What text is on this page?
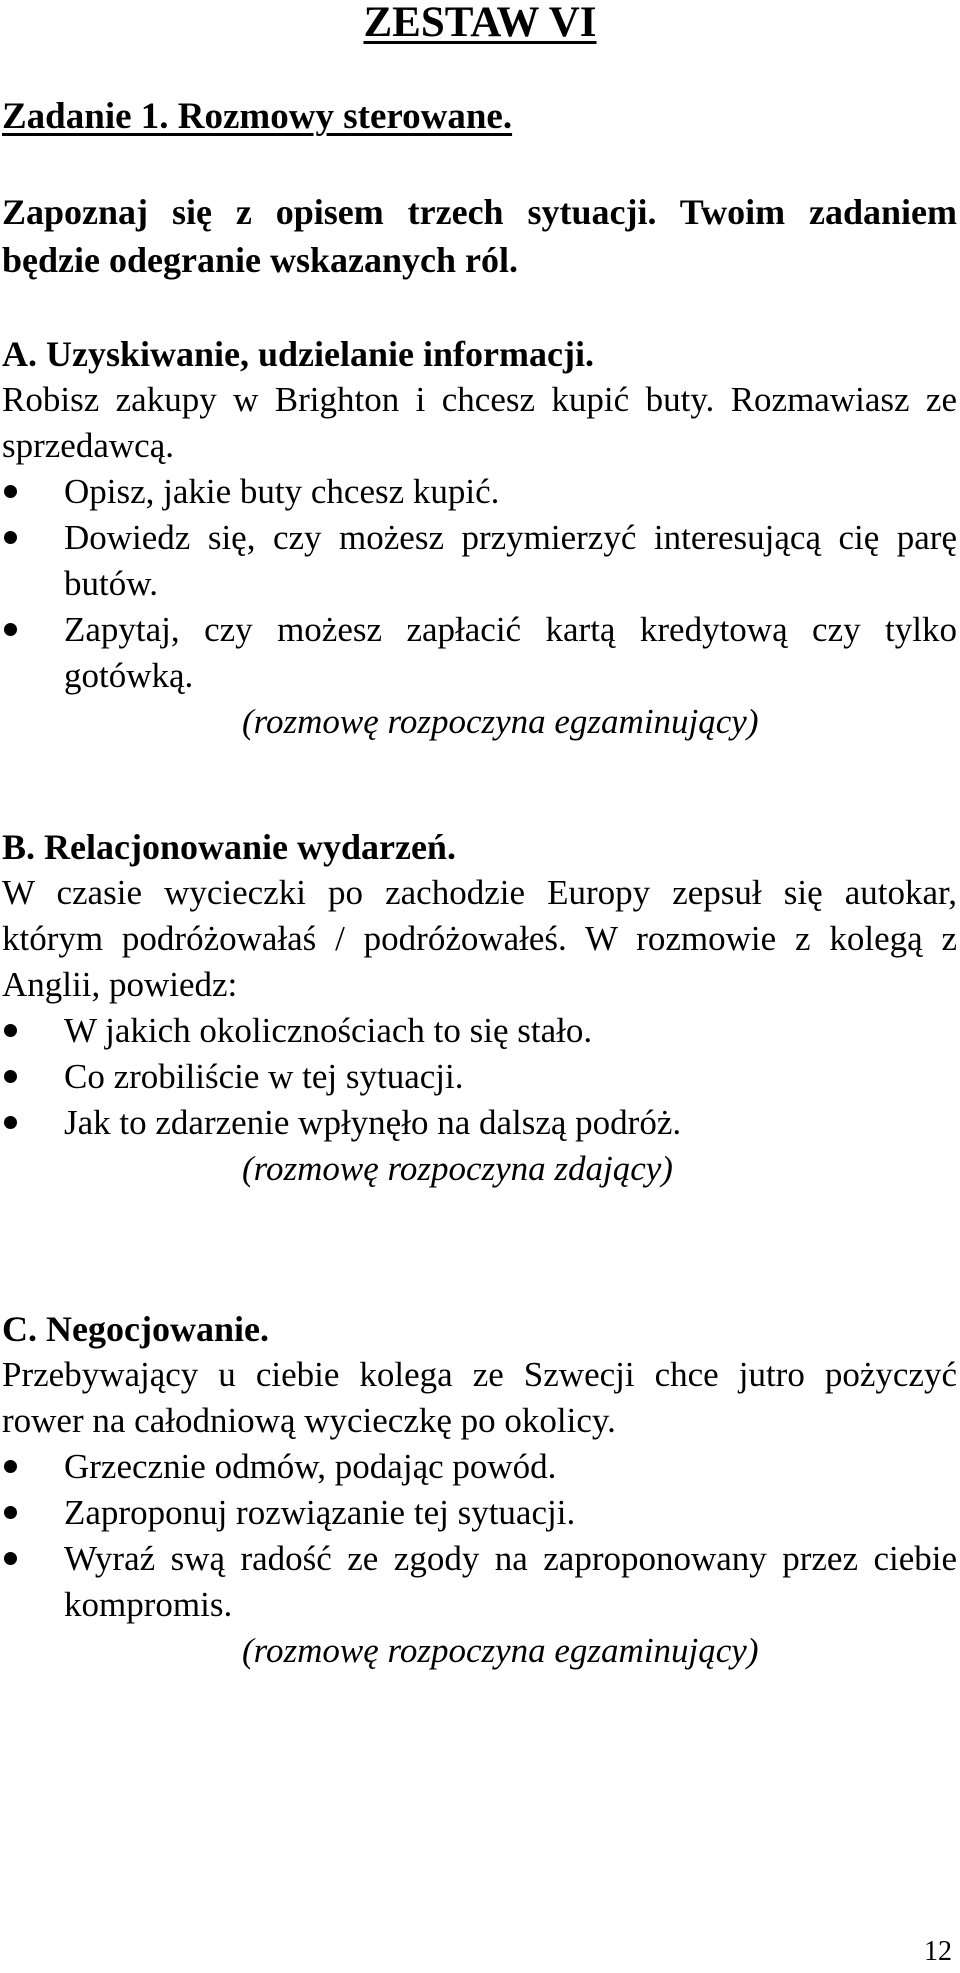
ZESTAW VI
Zadanie 1. Rozmowy sterowane.
Zapoznaj się z opisem trzech sytuacji. Twoim zadaniem będzie odegranie wskazanych ról.
A. Uzyskiwanie, udzielanie informacji.
Robisz zakupy w Brighton i chcesz kupić buty. Rozmawiasz ze sprzedawcą.
Opisz, jakie buty chcesz kupić.
Dowiedz się, czy możesz przymierzyć interesującą cię parę butów.
Zapytaj, czy możesz zapłacić kartą kredytową czy tylko gotówką.
(rozmowę rozpoczyna egzaminujący)
B. Relacjonowanie wydarzeń.
W czasie wycieczki po zachodzie Europy zepsuł się autokar, którym podróżowałaś / podróżowałeś. W rozmowie z kolegą z Anglii, powiedz:
W jakich okolicznościach to się stało.
Co zrobiliście w tej sytuacji.
Jak to zdarzenie wpłynęło na dalszą podróż.
(rozmowę rozpoczyna zdający)
C. Negocjowanie.
Przebywający u ciebie kolega ze Szwecji chce jutro pożyczyć rower na całodniową wycieczkę po okolicy.
Grzecznie odmów, podając powód.
Zaproponuj rozwiązanie tej sytuacji.
Wyraź swą radość ze zgody na zaproponowany przez ciebie kompromis.
(rozmowę rozpoczyna egzaminujący)
12
